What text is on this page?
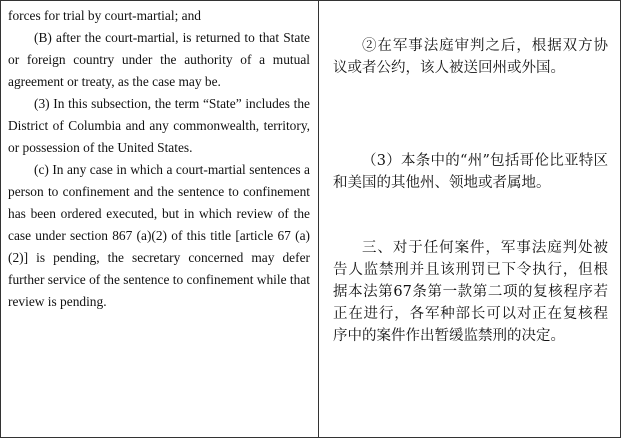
forces for trial by court-martial; and

(B) after the court-martial, is returned to that State or foreign country under the authority of a mutual agreement or treaty, as the case may be.

(3) In this subsection, the term “State” includes the District of Columbia and any commonwealth, territory, or possession of the United States.

(c) In any case in which a court-martial sentences a person to confinement and the sentence to confinement has been ordered executed, but in which review of the case under section 867 (a)(2) of this title [article 67 (a)(2)] is pending, the secretary concerned may defer further service of the sentence to confinement while that review is pending.

②在军事法庭审判之后，根据双方协议或者公约，该人被送回州或外国。

（3）本条中的“州”包括哥伦比亚特区和美国的其他州、领地或者属地。

三、对于任何案件，军事法庭判处被告人监禁刑并且该刑罚已下令执行，但根据本法第67条第一款第二项的复核程序若正在进行，各军种部长可以对正在复核程序中的案件作出暂缓监禁刑的决定。
